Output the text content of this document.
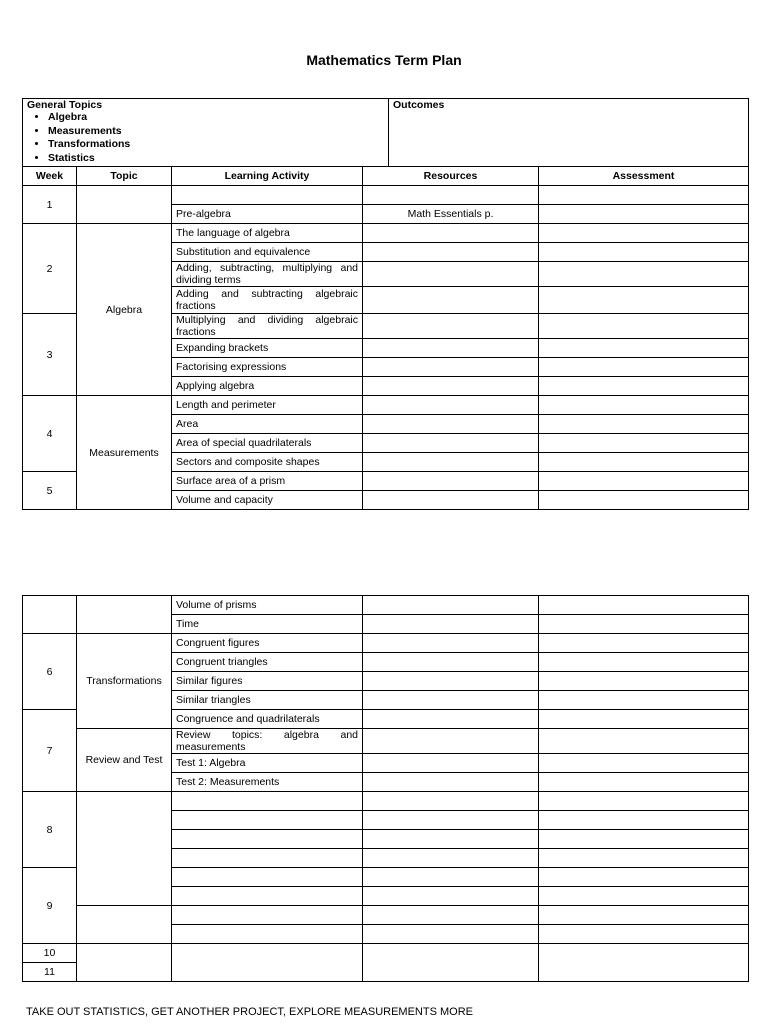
Mathematics Term Plan
General Topics
• Algebra
• Measurements
• Transformations
• Statistics

Outcomes
Week	Topic	Learning Activity	Resources	Assessment
1				
		Pre-algebra	Math Essentials p.	
2	Algebra	The language of algebra		
		Substitution and equivalence		
		Adding, subtracting, multiplying and dividing terms		
		Adding and subtracting algebraic fractions		
3		Multiplying and dividing algebraic fractions		
		Expanding brackets		
		Factorising expressions		
		Applying algebra		
4	Measurements	Length and perimeter		
		Area		
		Area of special quadrilaterals		
		Sectors and composite shapes		
5		Surface area of a prism		
		Volume and capacity		
		Volume of prisms		
		Time		
6	Transformations	Congruent figures		
		Congruent triangles		
		Similar figures		
		Similar triangles		
7		Congruence and quadrilaterals		
	Review and Test	Review topics: algebra and measurements		
		Test 1: Algebra		
		Test 2: Measurements		
8				

9				

10				
11				
TAKE OUT STATISTICS, GET ANOTHER PROJECT, EXPLORE MEASUREMENTS MORE
